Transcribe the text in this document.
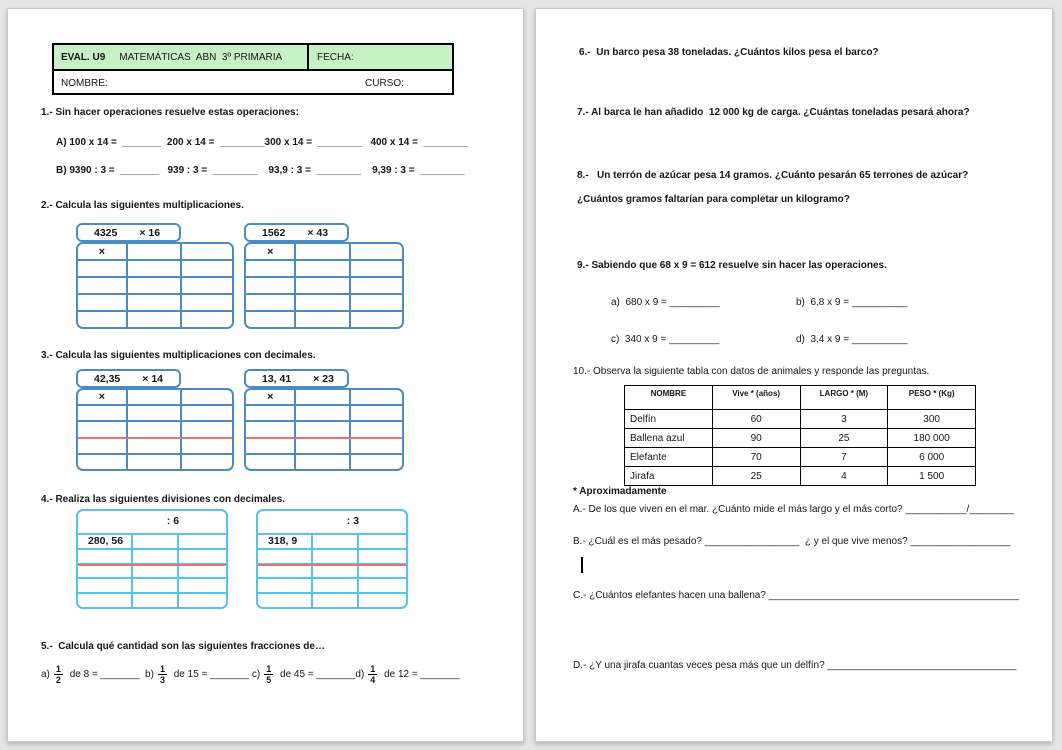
EVAL. U9 MATEMÁTICAS  ABN  3º PRIMARIA	FECHA:
NOMBRE:	CURSO:
1.- Sin hacer operaciones resuelve estas operaciones:
A) 100 x 14 =  _______  200 x 14 =  ________300 x 14 =  ________   400 x 14 =  ________
B) 9390 : 3 =  _______   939 : 3 =  ________    93,9 : 3 =  ________    9,39 : 3 =  ________
2.- Calcula las siguientes multiplicaciones.
4325 × 16
×
1562 × 43
×
3.- Calcula las siguientes multiplicaciones con decimales.
42,35 × 14
×
13, 41 × 23
×
4.- Realiza las siguientes divisiones con decimales.
: 6
280, 56
: 3
318, 9
5.-  Calcula qué cantidad son las siguientes fracciones de…
$a) \frac{1}{2}$ de 8 = _______ $b) \frac{1}{3}$ de 15 = _______ $c) \frac{1}{5}$ de 45 = _______ $d) \frac{1}{4}$ de 12 = _______
6.-  Un barco pesa 38 toneladas. ¿Cuántos kilos pesa el barco?
7.- Al barca le han añadido  12 000 kg de carga. ¿Cuántas toneladas pesará ahora?
8.-   Un terrón de azúcar pesa 14 gramos. ¿Cuánto pesarán 65 terrones de azúcar?
¿Cuántos gramos faltarían para completar un kilogramo?
9.- Sabiendo que 68 x 9 = 612 resuelve sin hacer las operaciones.
a)  680 x 9 = _________	b)  6,8 x 9 = __________
c)  340 x 9 = _________	d)  3,4 x 9 = __________
10.- Observa la siguiente tabla con datos de animales y responde las preguntas.
NOMBRE	Vive * (años)	LARGO * (M)	PESO * (Kg)
Delfín	60	3	300
Ballena azul	90	25	180 000
Elefante	70	7	6 000
Jirafa	25	4	1 500
* Aproximadamente
A.- De los que viven en el mar. ¿Cuánto mide el más largo y el más corto? ___________/________
B.- ¿Cuál es el más pesado? _________________  ¿ y el que vive menos? __________________
C.- ¿Cuántos elefantes hacen una ballena? _____________________________________________
D.- ¿Y una jirafa cuantas veces pesa más que un delfín? __________________________________
